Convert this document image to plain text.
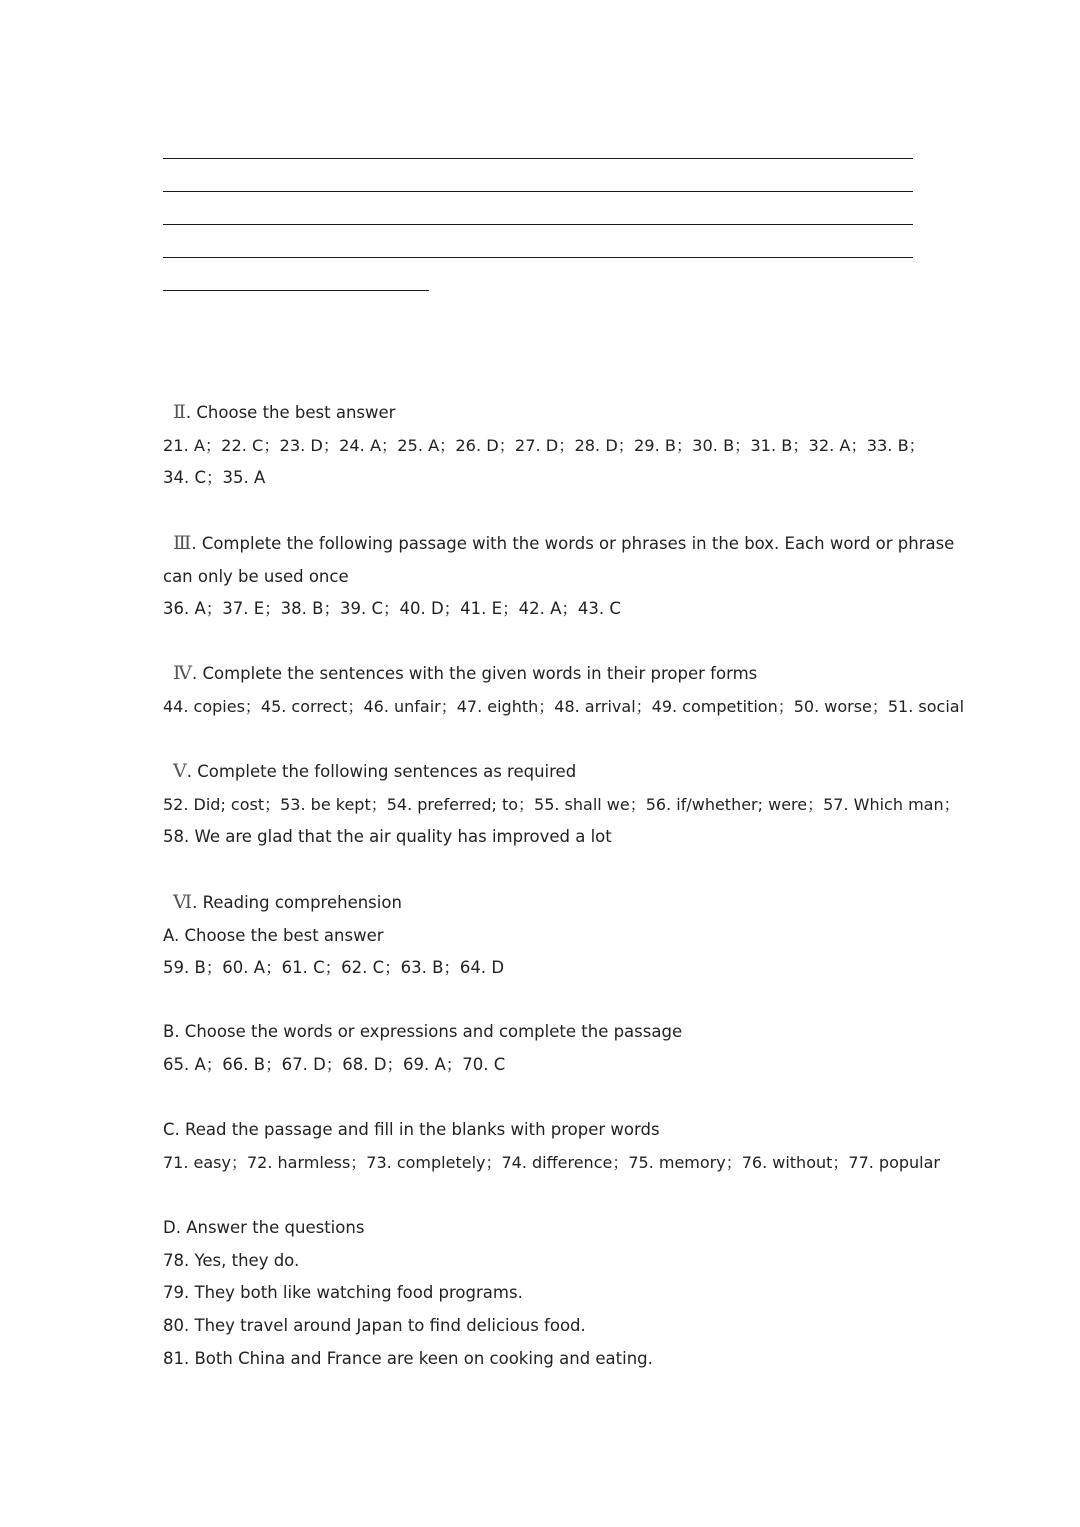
Ⅱ. Choose the best answer
21. A；22. C；23. D；24. A；25. A；26. D；27. D；28. D；29. B；30. B；31. B；32. A；33. B；
34. C；35. A
Ⅲ. Complete the following passage with the words or phrases in the box. Each word or phrase
can only be used once
36. A；37. E；38. B；39. C；40. D；41. E；42. A；43. C
Ⅳ. Complete the sentences with the given words in their proper forms
44. copies；45. correct；46. unfair；47. eighth；48. arrival；49. competition；50. worse；51. social
Ⅴ. Complete the following sentences as required
52. Did; cost；53. be kept；54. preferred; to；55. shall we；56. if/whether; were；57. Which man；
58. We are glad that the air quality has improved a lot
Ⅵ. Reading comprehension
A. Choose the best answer
59. B；60. A；61. C；62. C；63. B；64. D
B. Choose the words or expressions and complete the passage
65. A；66. B；67. D；68. D；69. A；70. C
C. Read the passage and fill in the blanks with proper words
71. easy；72. harmless；73. completely；74. difference；75. memory；76. without；77. popular
D. Answer the questions
78. Yes, they do.
79. They both like watching food programs.
80. They travel around Japan to find delicious food.
81. Both China and France are keen on cooking and eating.
